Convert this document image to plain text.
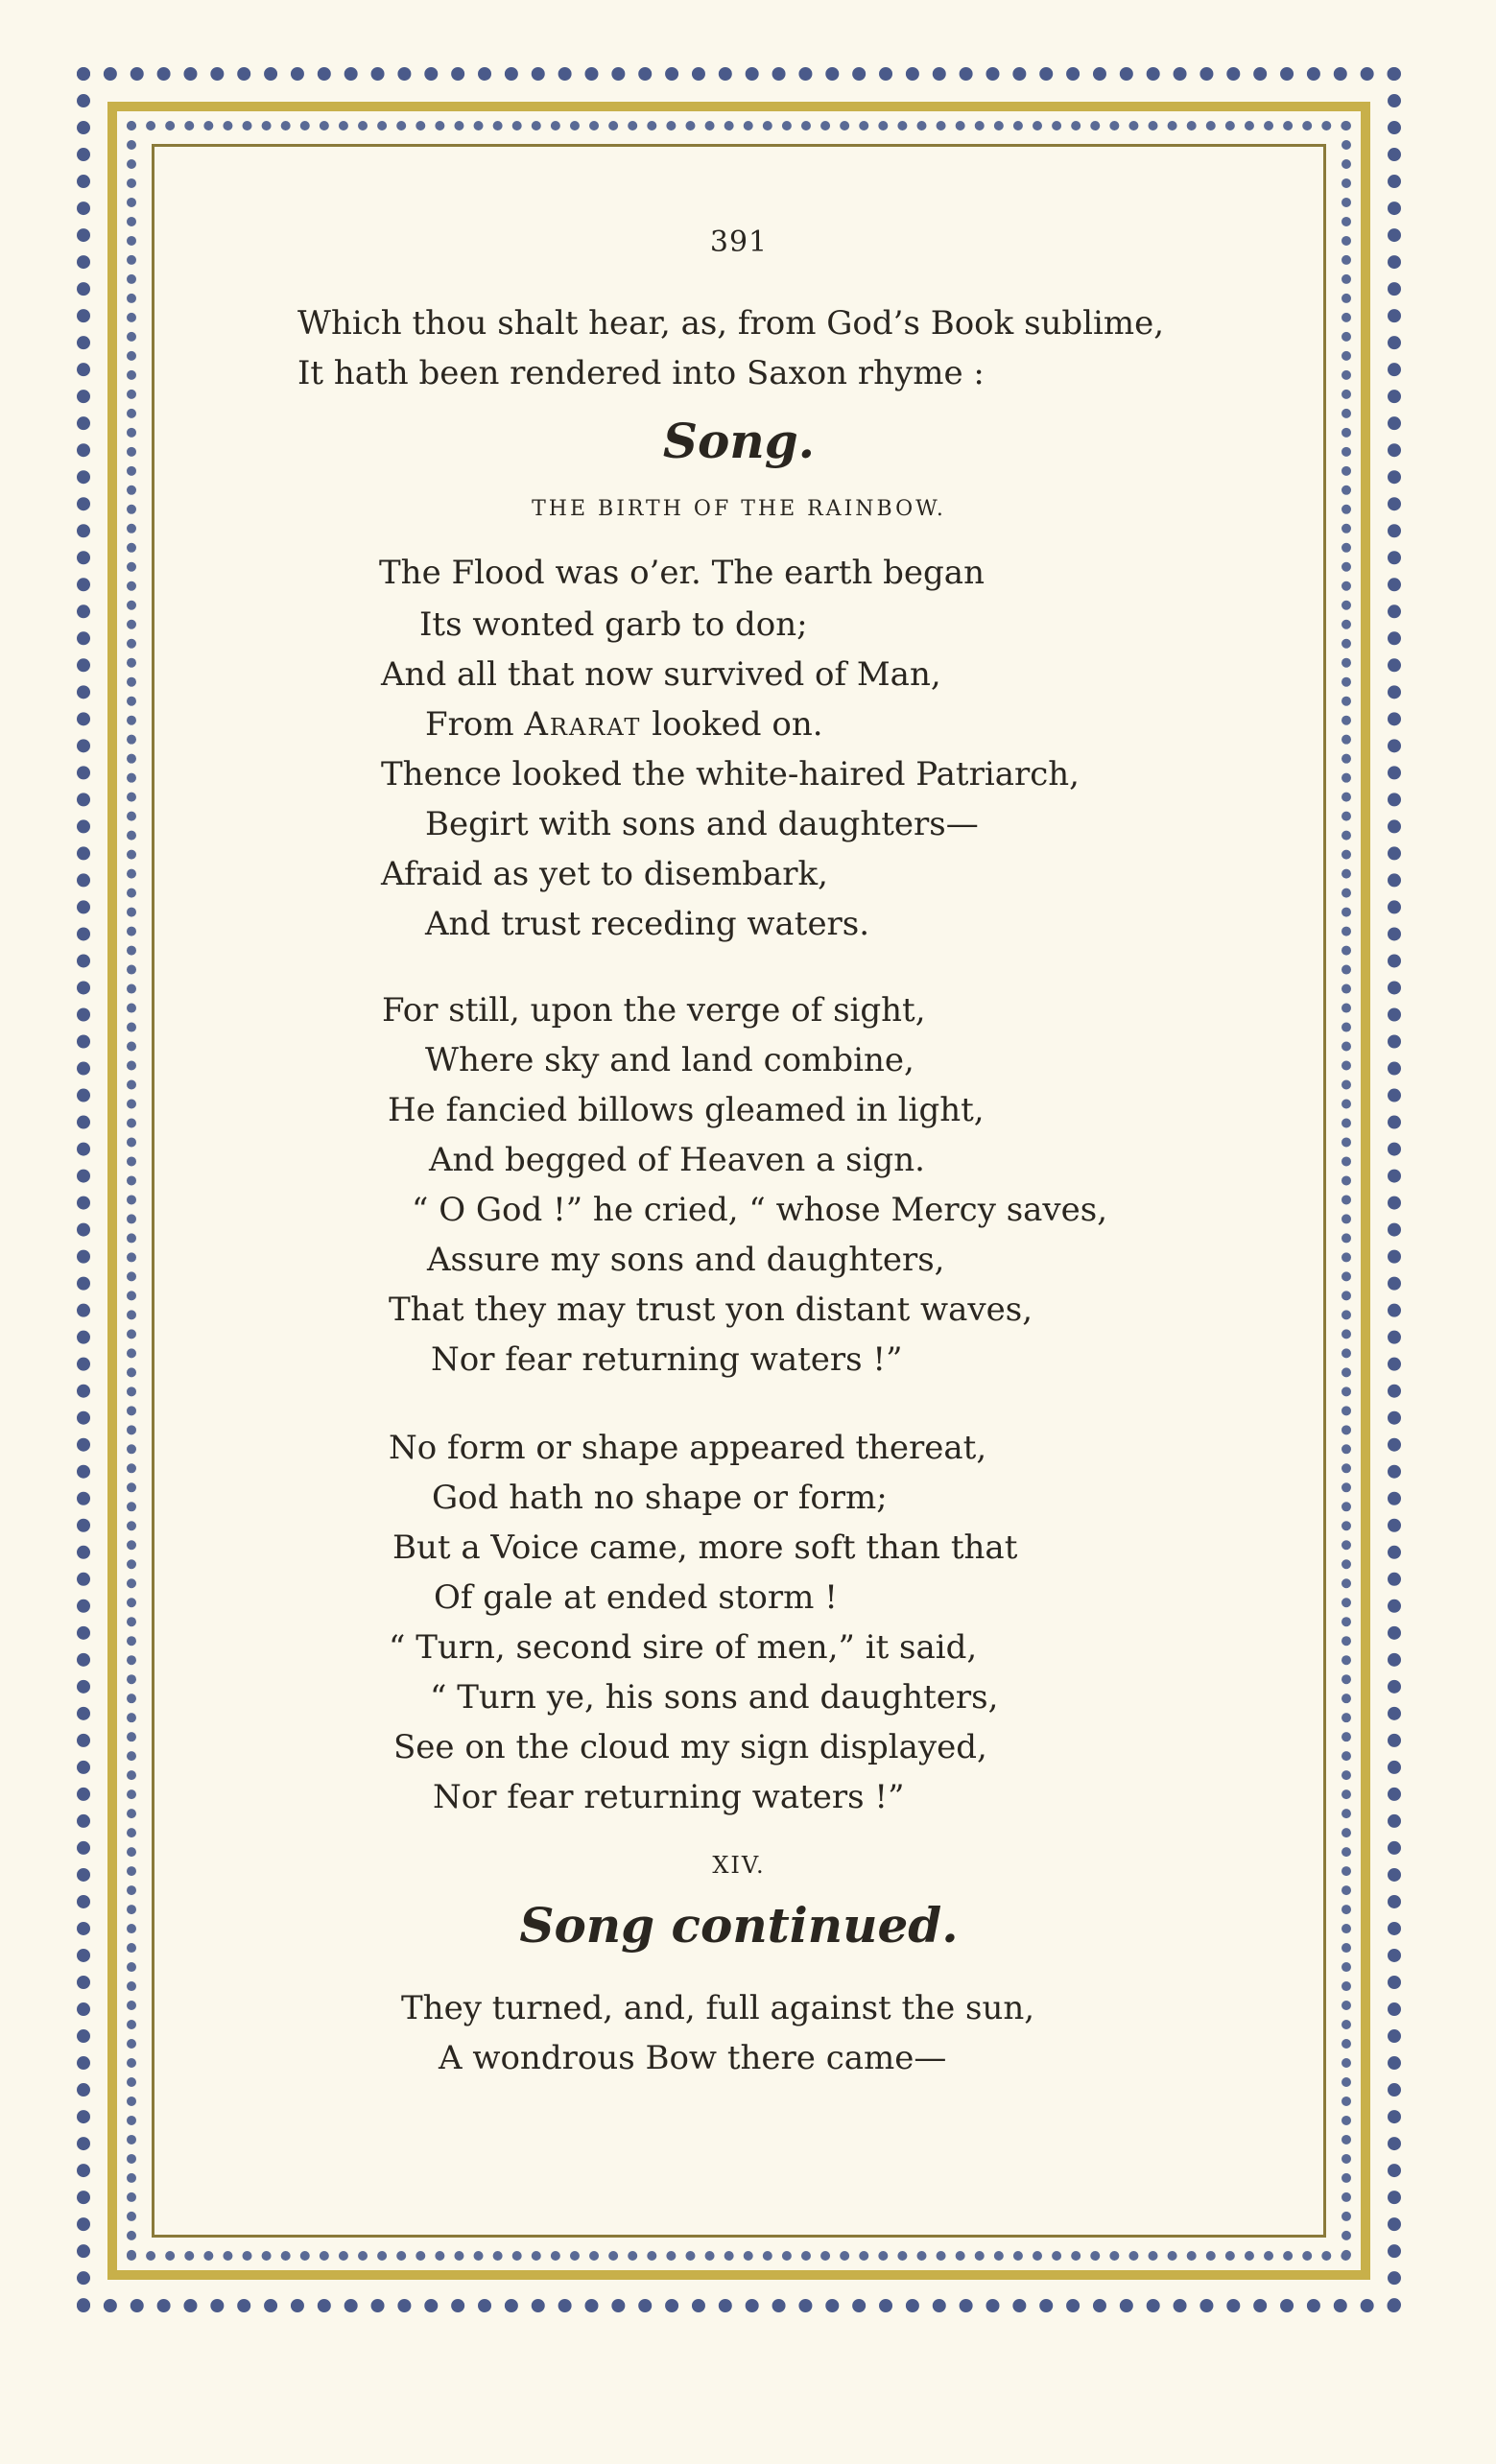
391
Which thou shalt hear, as, from God’s Book sublime,
It hath been rendered into Saxon rhyme :
Song.
THE BIRTH OF THE RAINBOW.
The Flood was o’er. The earth began
Its wonted garb to don;
And all that now survived of Man,
From Ararat looked on.
Thence looked the white-haired Patriarch,
Begirt with sons and daughters—
Afraid as yet to disembark,
And trust receding waters.
For still, upon the verge of sight,
Where sky and land combine,
He fancied billows gleamed in light,
And begged of Heaven a sign.
“ O God !” he cried, “ whose Mercy saves,
Assure my sons and daughters,
That they may trust yon distant waves,
Nor fear returning waters !”
No form or shape appeared thereat,
God hath no shape or form;
But a Voice came, more soft than that
Of gale at ended storm !
“ Turn, second sire of men,” it said,
“ Turn ye, his sons and daughters,
See on the cloud my sign displayed,
Nor fear returning waters !”
XIV.
Song continued.
They turned, and, full against the sun,
A wondrous Bow there came—
